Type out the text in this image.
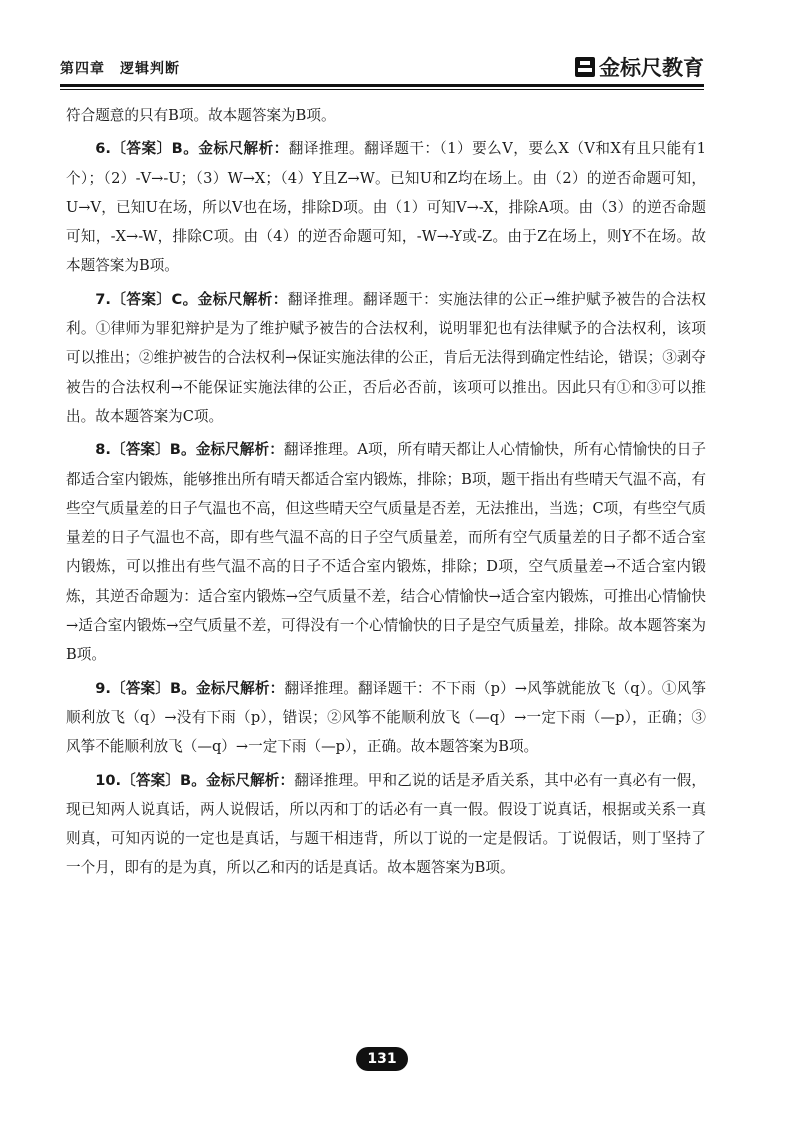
第四章　逻辑判断	金标尺教育

符合题意的只有B项。故本题答案为B项。

6.〔答案〕B。金标尺解析：翻译推理。翻译题干：（1）要么V，要么X（V和X有且只能有1个）；（2）-V→-U；（3）W→X；（4）Y且Z→W。已知U和Z均在场上。由（2）的逆否命题可知，U→V，已知U在场，所以V也在场，排除D项。由（1）可知V→-X，排除A项。由（3）的逆否命题可知，-X→-W，排除C项。由（4）的逆否命题可知，-W→-Y或-Z。由于Z在场上，则Y不在场。故本题答案为B项。

7.〔答案〕C。金标尺解析：翻译推理。翻译题干：实施法律的公正→维护赋予被告的合法权利。①律师为罪犯辩护是为了维护赋予被告的合法权利，说明罪犯也有法律赋予的合法权利，该项可以推出；②维护被告的合法权利→保证实施法律的公正，肯后无法得到确定性结论，错误；③剥夺被告的合法权利→不能保证实施法律的公正，否后必否前，该项可以推出。因此只有①和③可以推出。故本题答案为C项。

8.〔答案〕B。金标尺解析：翻译推理。A项，所有晴天都让人心情愉快，所有心情愉快的日子都适合室内锻炼，能够推出所有晴天都适合室内锻炼，排除；B项，题干指出有些晴天气温不高，有些空气质量差的日子气温也不高，但这些晴天空气质量是否差，无法推出，当选；C项，有些空气质量差的日子气温也不高，即有些气温不高的日子空气质量差，而所有空气质量差的日子都不适合室内锻炼，可以推出有些气温不高的日子不适合室内锻炼，排除；D项，空气质量差→不适合室内锻炼，其逆否命题为：适合室内锻炼→空气质量不差，结合心情愉快→适合室内锻炼，可推出心情愉快→适合室内锻炼→空气质量不差，可得没有一个心情愉快的日子是空气质量差，排除。故本题答案为B项。

9.〔答案〕B。金标尺解析：翻译推理。翻译题干：不下雨（p）→风筝就能放飞（q）。①风筝顺利放飞（q）→没有下雨（p），错误；②风筝不能顺利放飞（—q）→一定下雨（—p），正确；③风筝不能顺利放飞（—q）→一定下雨（—p），正确。故本题答案为B项。

10.〔答案〕B。金标尺解析：翻译推理。甲和乙说的话是矛盾关系，其中必有一真必有一假，现已知两人说真话，两人说假话，所以丙和丁的话必有一真一假。假设丁说真话，根据或关系一真则真，可知丙说的一定也是真话，与题干相违背，所以丁说的一定是假话。丁说假话，则丁坚持了一个月，即有的是为真，所以乙和丙的话是真话。故本题答案为B项。

131
